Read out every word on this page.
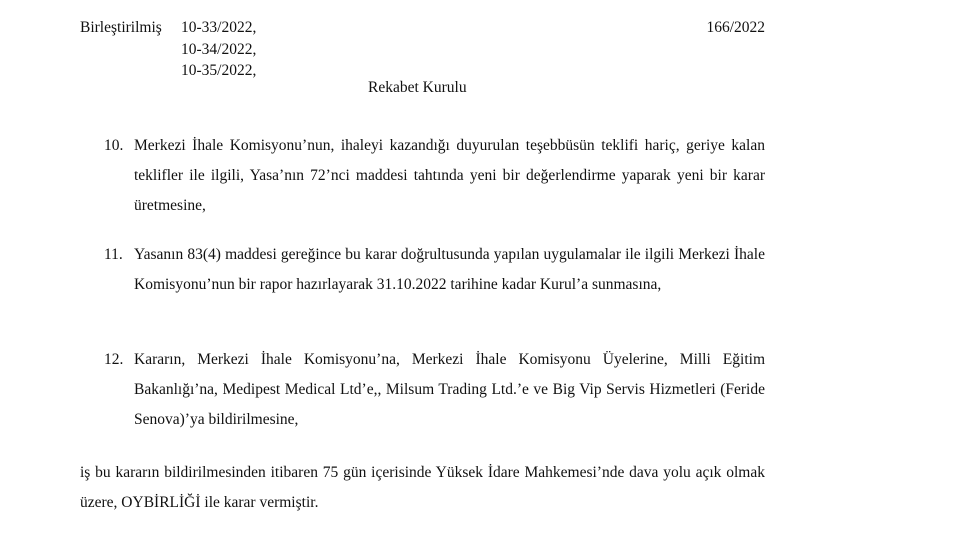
Birleştirilmiş 10-33/2022,
10-34/2022,
10-35/2022,
166/2022
Rekabet Kurulu
10. Merkezi İhale Komisyonu’nun, ihaleyi kazandığı duyurulan teşebbüsün teklifi hariç, geriye kalan teklifler ile ilgili, Yasa’nın 72’nci maddesi tahtında yeni bir değerlendirme yaparak yeni bir karar üretmesine,
11. Yasanın 83(4) maddesi gereğince bu karar doğrultusunda yapılan uygulamalar ile ilgili Merkezi İhale Komisyonu’nun bir rapor hazırlayarak 31.10.2022 tarihine kadar Kurul’a sunmasına,
12. Kararın, Merkezi İhale Komisyonu’na, Merkezi İhale Komisyonu Üyelerine, Milli Eğitim Bakanlığı’na, Medipest Medical Ltd’e,, Milsum Trading Ltd.’e ve Big Vip Servis Hizmetleri (Feride Senova)’ya bildirilmesine,
iş bu kararın bildirilmesinden itibaren 75 gün içerisinde Yüksek İdare Mahkemesi’nde dava yolu açık olmak üzere, OYBİRLİĞİ ile karar vermiştir.
